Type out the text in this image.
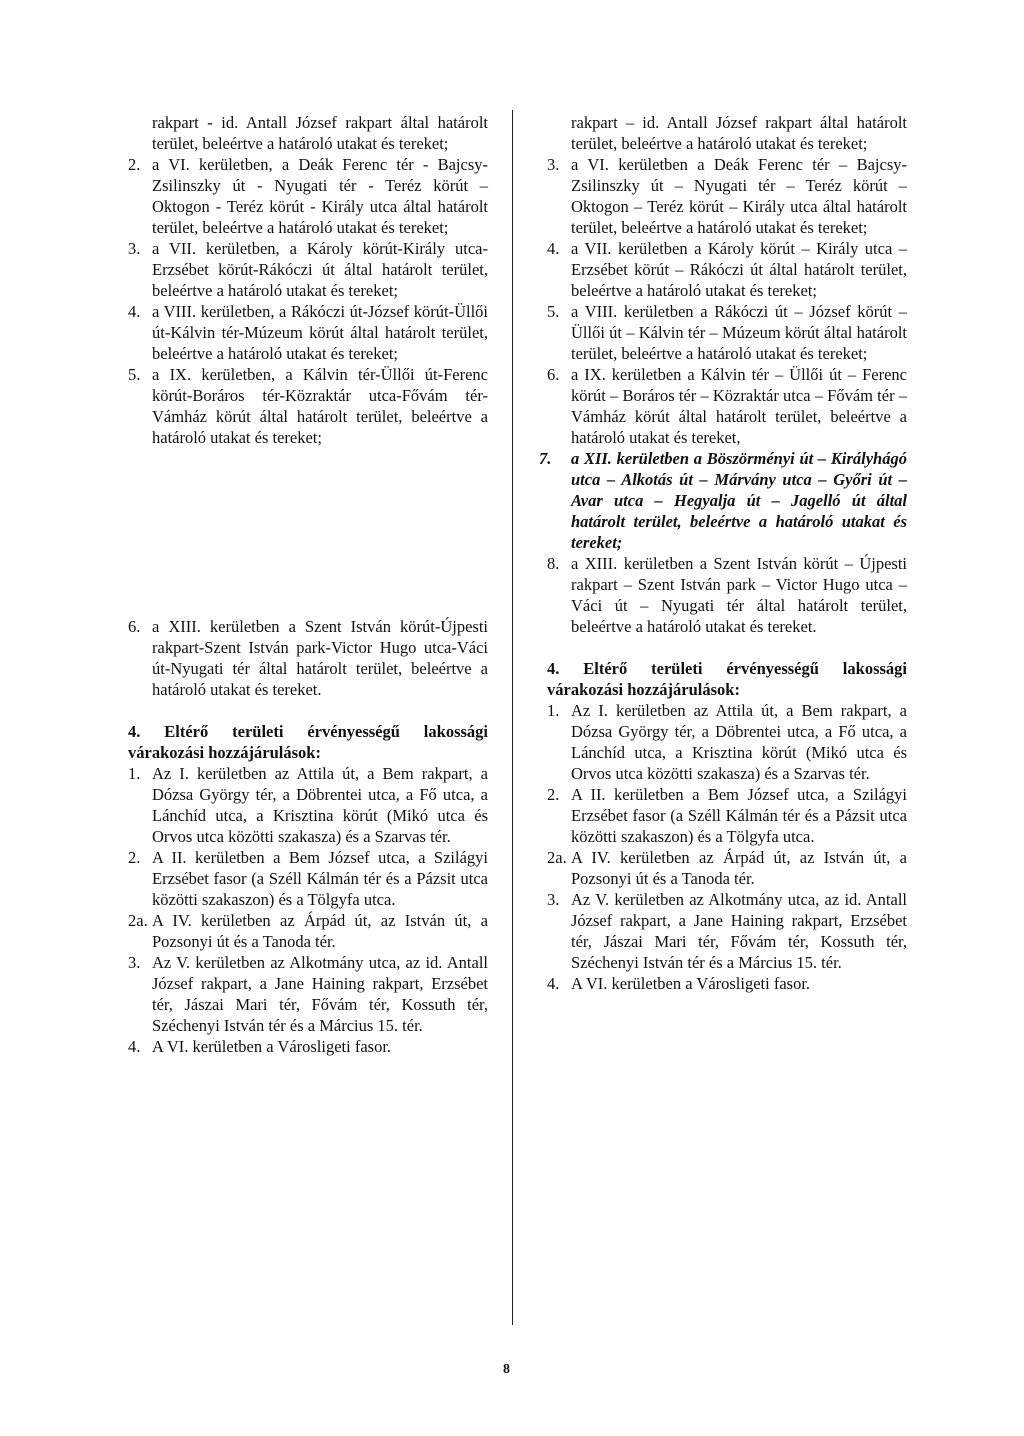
rakpart - id. Antall József rakpart által határolt terület, beleértve a határoló utakat és tereket;
2. a VI. kerületben, a Deák Ferenc tér - Bajcsy-Zsilinszky út - Nyugati tér - Teréz körút – Oktogon - Teréz körút - Király utca által határolt terület, beleértve a határoló utakat és tereket;
3. a VII. kerületben, a Károly körút-Király utca-Erzsébet körút-Rákóczi út által határolt terület, beleértve a határoló utakat és tereket;
4. a VIII. kerületben, a Rákóczi út-József körút-Üllői út-Kálvin tér-Múzeum körút által határolt terület, beleértve a határoló utakat és tereket;
5. a IX. kerületben, a Kálvin tér-Üllői út-Ferenc körút-Boráros tér-Közraktár utca-Fővám tér-Vámház körút által határolt terület, beleértve a határoló utakat és tereket;
6. a XIII. kerületben a Szent István körút-Újpesti rakpart-Szent István park-Victor Hugo utca-Váci út-Nyugati tér által határolt terület, beleértve a határoló utakat és tereket.
4. Eltérő területi érvényességű lakossági várakozási hozzájárulások:
1. Az I. kerületben az Attila út, a Bem rakpart, a Dózsa György tér, a Döbrentei utca, a Fő utca, a Lánchíd utca, a Krisztina körút (Mikó utca és Orvos utca közötti szakasza) és a Szarvas tér.
2. A II. kerületben a Bem József utca, a Szilágyi Erzsébet fasor (a Széll Kálmán tér és a Pázsit utca közötti szakaszon) és a Tölgyfa utca.
2a. A IV. kerületben az Árpád út, az István út, a Pozsonyi út és a Tanoda tér.
3. Az V. kerületben az Alkotmány utca, az id. Antall József rakpart, a Jane Haining rakpart, Erzsébet tér, Jászai Mari tér, Fővám tér, Kossuth tér, Széchenyi István tér és a Március 15. tér.
4. A VI. kerületben a Városligeti fasor.
rakpart – id. Antall József rakpart által határolt terület, beleértve a határoló utakat és tereket;
3. a VI. kerületben a Deák Ferenc tér – Bajcsy-Zsilinszky út – Nyugati tér – Teréz körút – Oktogon – Teréz körút – Király utca által határolt terület, beleértve a határoló utakat és tereket;
4. a VII. kerületben a Károly körút – Király utca – Erzsébet körút – Rákóczi út által határolt terület, beleértve a határoló utakat és tereket;
5. a VIII. kerületben a Rákóczi út – József körút – Üllői út – Kálvin tér – Múzeum körút által határolt terület, beleértve a határoló utakat és tereket;
6. a IX. kerületben a Kálvin tér – Üllői út – Ferenc körút – Boráros tér – Közraktár utca – Fővám tér – Vámház körút által határolt terület, beleértve a határoló utakat és tereket,
7. a XII. kerületben a Böszörményi út – Királyhágó utca – Alkotás út – Márvány utca – Győri út – Avar utca – Hegyalja út – Jagelló út által határolt terület, beleértve a határoló utakat és tereket;
8. a XIII. kerületben a Szent István körút – Újpesti rakpart – Szent István park – Victor Hugo utca – Váci út – Nyugati tér által határolt terület, beleértve a határoló utakat és tereket.
4. Eltérő területi érvényességű lakossági várakozási hozzájárulások:
1. Az I. kerületben az Attila út, a Bem rakpart, a Dózsa György tér, a Döbrentei utca, a Fő utca, a Lánchíd utca, a Krisztina körút (Mikó utca és Orvos utca közötti szakasza) és a Szarvas tér.
2. A II. kerületben a Bem József utca, a Szilágyi Erzsébet fasor (a Széll Kálmán tér és a Pázsit utca közötti szakaszon) és a Tölgyfa utca.
2a. A IV. kerületben az Árpád út, az István út, a Pozsonyi út és a Tanoda tér.
3. Az V. kerületben az Alkotmány utca, az id. Antall József rakpart, a Jane Haining rakpart, Erzsébet tér, Jászai Mari tér, Fővám tér, Kossuth tér, Széchenyi István tér és a Március 15. tér.
4. A VI. kerületben a Városligeti fasor.
8
